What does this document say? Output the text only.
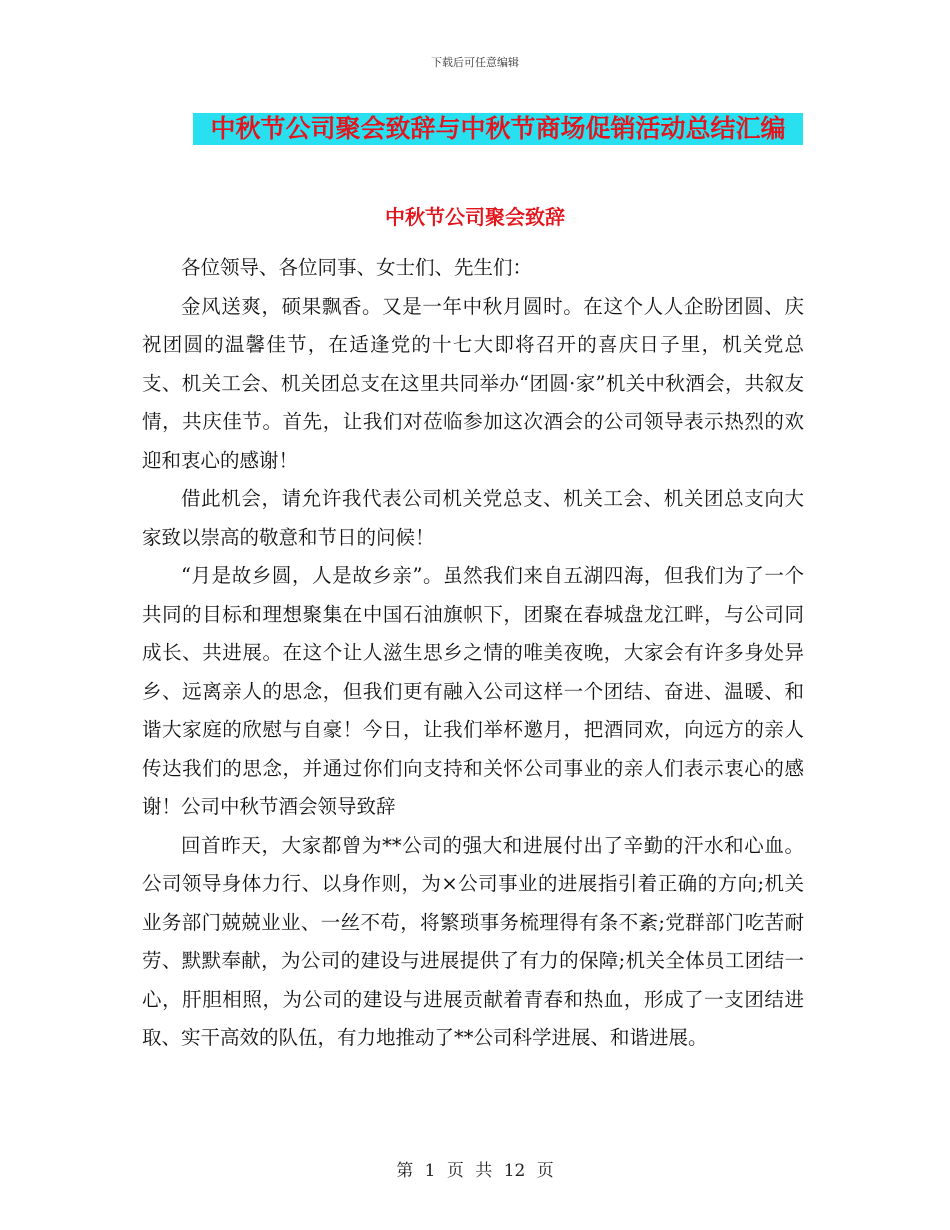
下载后可任意编辑
中秋节公司聚会致辞与中秋节商场促销活动总结汇编
中秋节公司聚会致辞

各位领导、各位同事、女士们、先生们：

金风送爽，硕果飘香。又是一年中秋月圆时。在这个人人企盼团圆、庆祝团圆的温馨佳节，在适逢党的十七大即将召开的喜庆日子里，机关党总支、机关工会、机关团总支在这里共同举办“团圆·家”机关中秋酒会，共叙友情，共庆佳节。首先，让我们对莅临参加这次酒会的公司领导表示热烈的欢迎和衷心的感谢！

借此机会，请允许我代表公司机关党总支、机关工会、机关团总支向大家致以崇高的敬意和节日的问候！

“月是故乡圆，人是故乡亲”。虽然我们来自五湖四海，但我们为了一个共同的目标和理想聚集在中国石油旗帜下，团聚在春城盘龙江畔，与公司同成长、共进展。在这个让人滋生思乡之情的唯美夜晚，大家会有许多身处异乡、远离亲人的思念，但我们更有融入公司这样一个团结、奋进、温暖、和谐大家庭的欣慰与自豪！今日，让我们举杯邀月，把酒同欢，向远方的亲人传达我们的思念，并通过你们向支持和关怀公司事业的亲人们表示衷心的感谢！公司中秋节酒会领导致辞

回首昨天，大家都曾为**公司的强大和进展付出了辛勤的汗水和心血。公司领导身体力行、以身作则，为×公司事业的进展指引着正确的方向;机关业务部门兢兢业业、一丝不苟，将繁琐事务梳理得有条不紊;党群部门吃苦耐劳、默默奉献，为公司的建设与进展提供了有力的保障;机关全体员工团结一心，肝胆相照，为公司的建设与进展贡献着青春和热血，形成了一支团结进取、实干高效的队伍，有力地推动了**公司科学进展、和谐进展。

第 1 页 共 12 页
